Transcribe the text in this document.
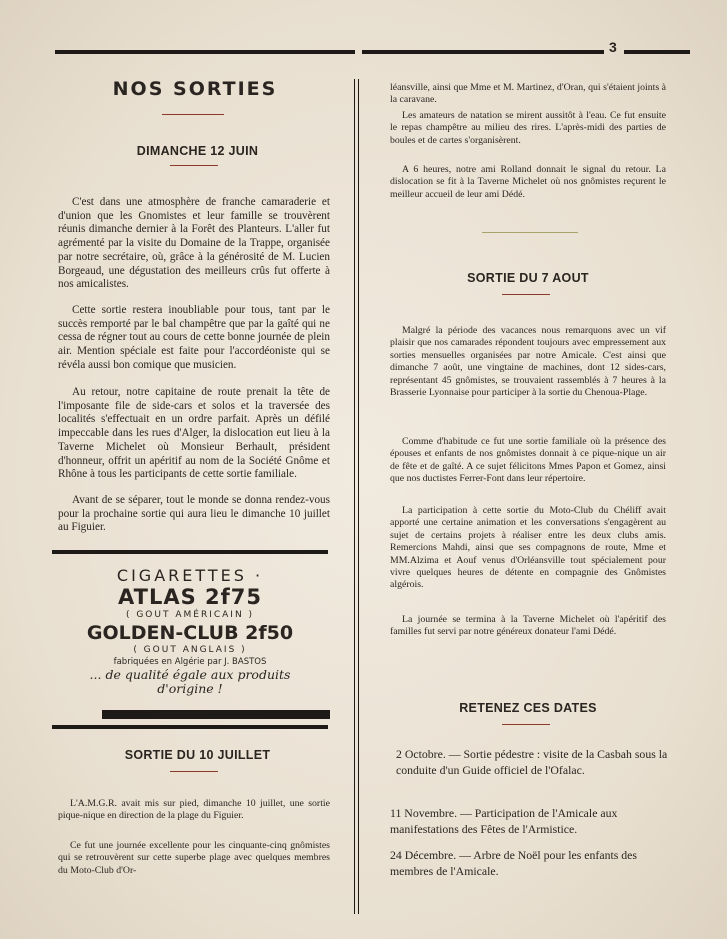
3
NOS SORTIES
DIMANCHE 12 JUIN

C'est dans une atmosphère de franche camaraderie et d'union que les Gnomistes et leur famille se trouvèrent réunis dimanche dernier à la Forêt des Planteurs. L'aller fut agrémenté par la visite du Domaine de la Trappe, organisée par notre secrétaire, où, grâce à la générosité de M. Lucien Borgeaud, une dégustation des meilleurs crûs fut offerte à nos amicalistes.

Cette sortie restera inoubliable pour tous, tant par le succès remporté par le bal champêtre que par la gaîté qui ne cessa de régner tout au cours de cette bonne journée de plein air. Mention spéciale est faite pour l'accordéoniste qui se révéla aussi bon comique que musicien.

Au retour, notre capitaine de route prenait la tête de l'imposante file de side-cars et solos et la traversée des localités s'effectuait en un ordre parfait. Après un défilé impeccable dans les rues d'Alger, la dislocation eut lieu à la Taverne Michelet où Monsieur Berhault, président d'honneur, offrit un apéritif au nom de la Société Gnôme et Rhône à tous les participants de cette sortie familiale.

Avant de se séparer, tout le monde se donna rendez-vous pour la prochaine sortie qui aura lieu le dimanche 10 juillet au Figuier.

CIGARETTES ·
ATLAS 2f75
( GOUT AMÉRICAIN )
GOLDEN-CLUB 2f50
( GOUT ANGLAIS )
fabriquées en Algérie par J. BASTOS
... de qualité égale aux produits d'origine !
SORTIE DU 10 JUILLET

L'A.M.G.R. avait mis sur pied, dimanche 10 juillet, une sortie pique-nique en direction de la plage du Figuier.

Ce fut une journée excellente pour les cinquante-cinq gnômistes qui se retrouvèrent sur cette superbe plage avec quelques membres du Moto-Club d'Or-

léansville, ainsi que Mme et M. Martinez, d'Oran, qui s'étaient joints à la caravane.

Les amateurs de natation se mirent aussitôt à l'eau. Ce fut ensuite le repas champêtre au milieu des rires. L'après-midi des parties de boules et de cartes s'organisèrent.

A 6 heures, notre ami Rolland donnait le signal du retour. La dislocation se fit à la Taverne Michelet où nos gnômistes reçurent le meilleur accueil de leur ami Dédé.

SORTIE DU 7 AOUT

Malgré la période des vacances nous remarquons avec un vif plaisir que nos camarades répondent toujours avec empressement aux sorties mensuelles organisées par notre Amicale. C'est ainsi que dimanche 7 août, une vingtaine de machines, dont 12 sides-cars, représentant 45 gnômistes, se trouvaient rassemblés à 7 heures à la Brasserie Lyonnaise pour participer à la sortie du Chenoua-Plage.

Comme d'habitude ce fut une sortie familiale où la présence des épouses et enfants de nos gnômistes donnait à ce pique-nique un air de fête et de gaîté. A ce sujet félicitons Mmes Papon et Gomez, ainsi que nos ductistes Ferrer-Font dans leur répertoire.

La participation à cette sortie du Moto-Club du Chéliff avait apporté une certaine animation et les conversations s'engagèrent au sujet de certains projets à réaliser entre les deux clubs amis. Remercions Mahdi, ainsi que ses compagnons de route, Mme et MM.Alzima et Aouf venus d'Orléansville tout spécialement pour vivre quelques heures de détente en compagnie des Gnômistes algérois.

La journée se termina à la Taverne Michelet où l'apéritif des familles fut servi par notre généreux donateur l'ami Dédé.

RETENEZ CES DATES
2 Octobre. — Sortie pédestre : visite de la Casbah sous la conduite d'un Guide officiel de l'Ofalac.
11 Novembre. — Participation de l'Amicale aux manifestations des Fêtes de l'Armistice.
24 Décembre. — Arbre de Noël pour les enfants des membres de l'Amicale.
